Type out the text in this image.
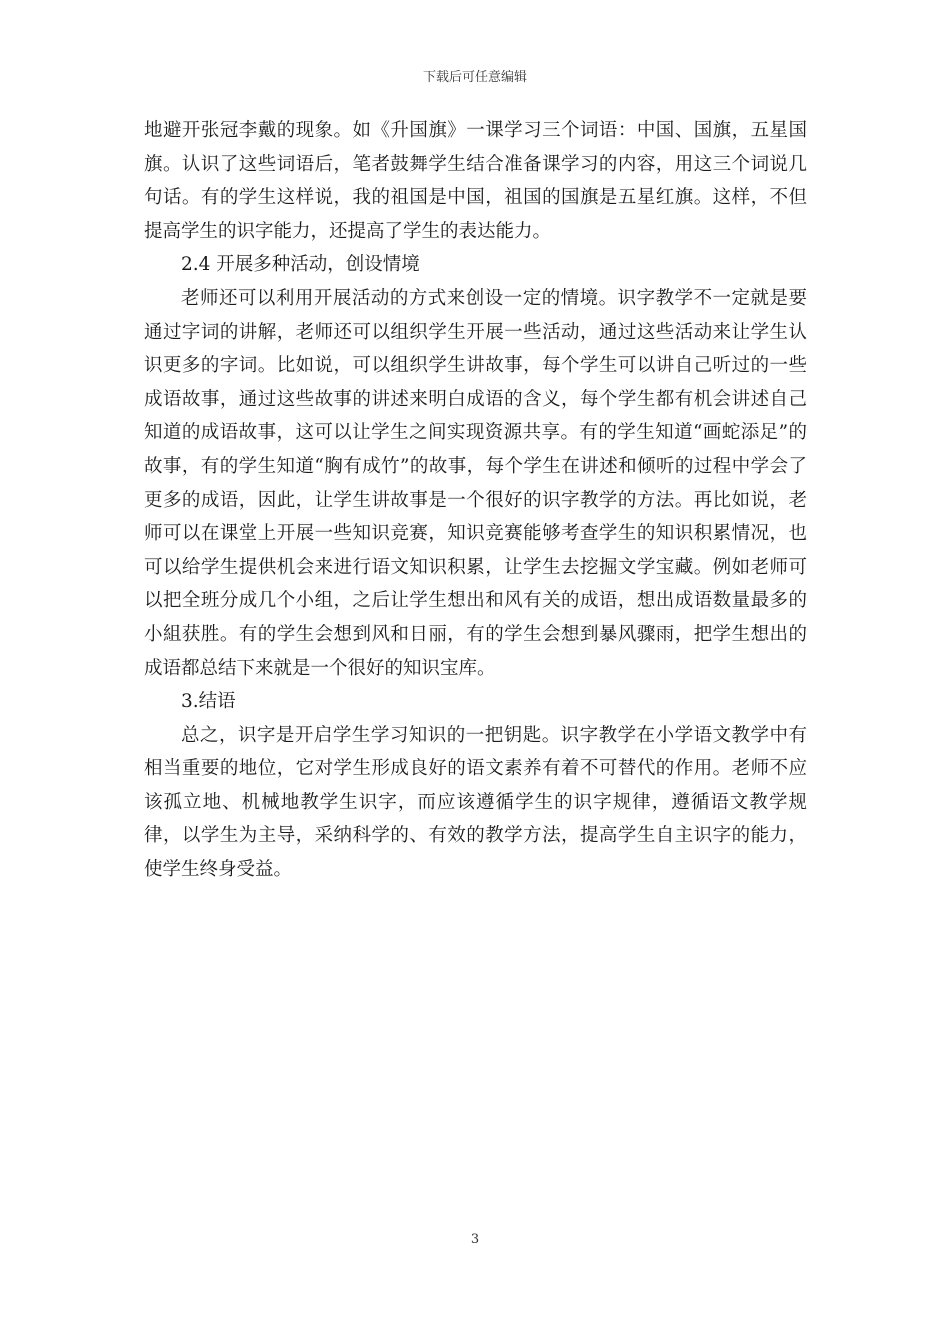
下载后可任意编辑

地避开张冠李戴的现象。如《升国旗》一课学习三个词语：中国、国旗，五星国旗。认识了这些词语后，笔者鼓舞学生结合准备课学习的内容，用这三个词说几句话。有的学生这样说，我的祖国是中国，祖国的国旗是五星红旗。这样，不但提高学生的识字能力，还提高了学生的表达能力。

2.4 开展多种活动，创设情境

老师还可以利用开展活动的方式来创设一定的情境。识字教学不一定就是要通过字词的讲解，老师还可以组织学生开展一些活动，通过这些活动来让学生认识更多的字词。比如说，可以组织学生讲故事，每个学生可以讲自己听过的一些成语故事，通过这些故事的讲述来明白成语的含义，每个学生都有机会讲述自己知道的成语故事，这可以让学生之间实现资源共享。有的学生知道“画蛇添足”的故事，有的学生知道“胸有成竹”的故事，每个学生在讲述和倾听的过程中学会了更多的成语，因此，让学生讲故事是一个很好的识字教学的方法。再比如说，老师可以在课堂上开展一些知识竞赛，知识竞赛能够考查学生的知识积累情况，也可以给学生提供机会来进行语文知识积累，让学生去挖掘文学宝藏。例如老师可以把全班分成几个小组，之后让学生想出和风有关的成语，想出成语数量最多的小組获胜。有的学生会想到风和日丽，有的学生会想到暴风骤雨，把学生想出的成语都总结下来就是一个很好的知识宝库。

3.结语

总之，识字是开启学生学习知识的一把钥匙。识字教学在小学语文教学中有相当重要的地位，它对学生形成良好的语文素养有着不可替代的作用。老师不应该孤立地、机械地教学生识字，而应该遵循学生的识字规律，遵循语文教学规律，以学生为主导，采纳科学的、有效的教学方法，提高学生自主识字的能力，使学生终身受益。

3
